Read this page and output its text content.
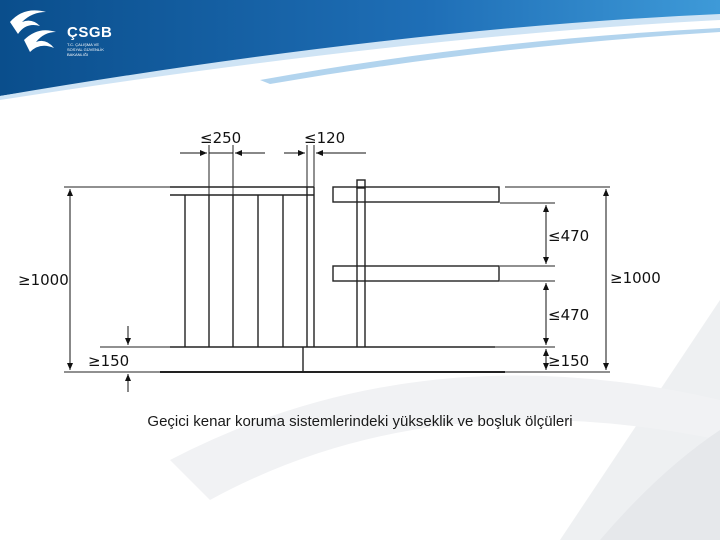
ÇSGB
T.C. ÇALIŞMA VE
SOSYAL GÜVENLİK
BAKANLIĞI
≤250	≤120
≥1000	≥1000
≤470
≤470
≥150	≥150
Geçici kenar koruma sistemlerindeki yükseklik ve boşluk ölçüleri
